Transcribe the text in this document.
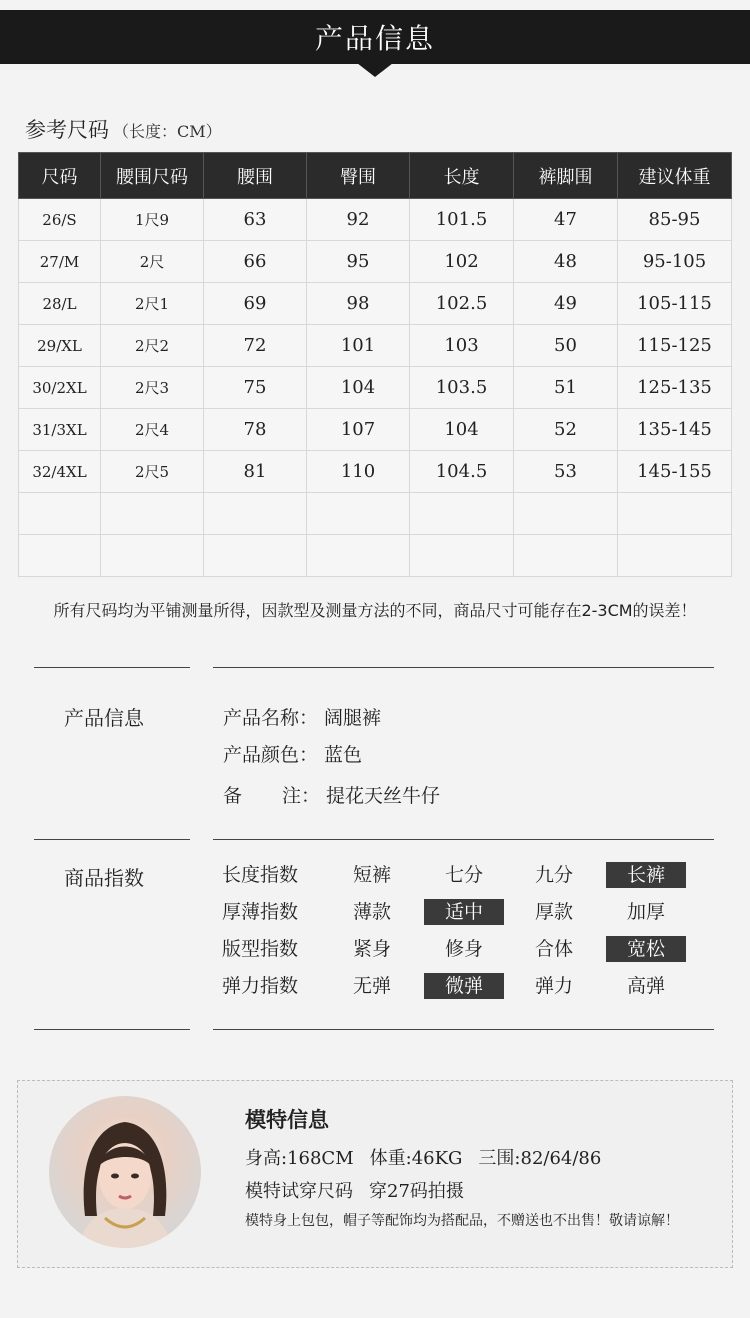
产品信息
参考尺码 （长度：CM）
尺码	腰围尺码	腰围	臀围	长度	裤脚围	建议体重
26/S	1尺9	63	92	101.5	47	85-95
27/M	2尺	66	95	102	48	95-105
28/L	2尺1	69	98	102.5	49	105-115
29/XL	2尺2	72	101	103	50	115-125
30/2XL	2尺3	75	104	103.5	51	125-135
31/3XL	2尺4	78	107	104	52	135-145
32/4XL	2尺5	81	110	104.5	53	145-155

所有尺码均为平铺测量所得，因款型及测量方法的不同，商品尺寸可能存在2-3CM的误差！
产品信息	产品名称： 阔腿裤
产品颜色： 蓝色
备注： 提花天丝牛仔
商品指数	长度指数	短裤	七分	九分	长裤
厚薄指数	薄款	适中	厚款	加厚
版型指数	紧身	修身	合体	宽松
弹力指数	无弹	微弹	弹力	高弹
模特信息
身高:168CM 体重:46KG 三围:82/64/86
模特试穿尺码 穿27码拍摄
模特身上包包，帽子等配饰均为搭配品，不赠送也不出售！敬请谅解！
